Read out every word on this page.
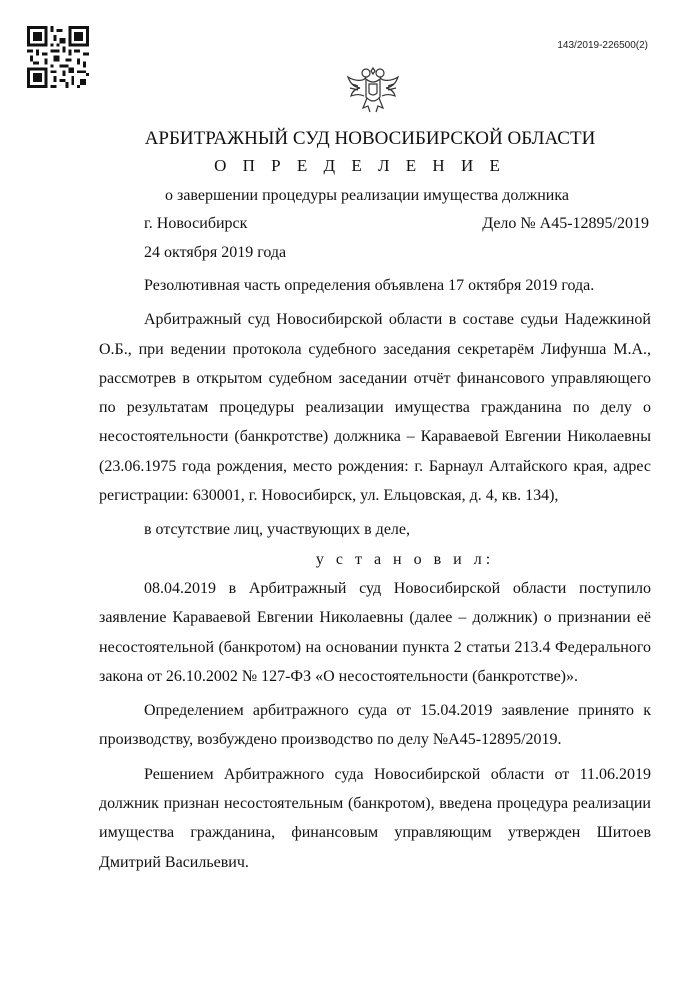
143/2019-226500(2)
АРБИТРАЖНЫЙ СУД НОВОСИБИРСКОЙ ОБЛАСТИ
О П Р Е Д Е Л Е Н И Е
о завершении процедуры реализации имущества должника
г. Новосибирск	Дело № А45-12895/2019
24 октября 2019 года

Резолютивная часть определения объявлена 17 октября 2019 года.

Арбитражный суд Новосибирской области в составе судьи Надежкиной О.Б., при ведении протокола судебного заседания секретарём Лифунша М.А., рассмотрев в открытом судебном заседании отчёт финансового управляющего по результатам процедуры реализации имущества гражданина по делу о несостоятельности (банкротстве) должника – Караваевой Евгении Николаевны (23.06.1975 года рождения, место рождения: г. Барнаул Алтайского края, адрес регистрации: 630001, г. Новосибирск, ул. Ельцовская, д. 4, кв. 134),

в отсутствие лиц, участвующих в деле,

у с т а н о в и л:

08.04.2019 в Арбитражный суд Новосибирской области поступило заявление Караваевой Евгении Николаевны (далее – должник) о признании её несостоятельной (банкротом) на основании пункта 2 статьи 213.4 Федерального закона от 26.10.2002 № 127-ФЗ «О несостоятельности (банкротстве)».

Определением арбитражного суда от 15.04.2019 заявление принято к производству, возбуждено производство по делу №А45-12895/2019.

Решением Арбитражного суда Новосибирской области от 11.06.2019 должник признан несостоятельным (банкротом), введена процедура реализации имущества гражданина, финансовым управляющим утвержден Шитоев Дмитрий Васильевич.
